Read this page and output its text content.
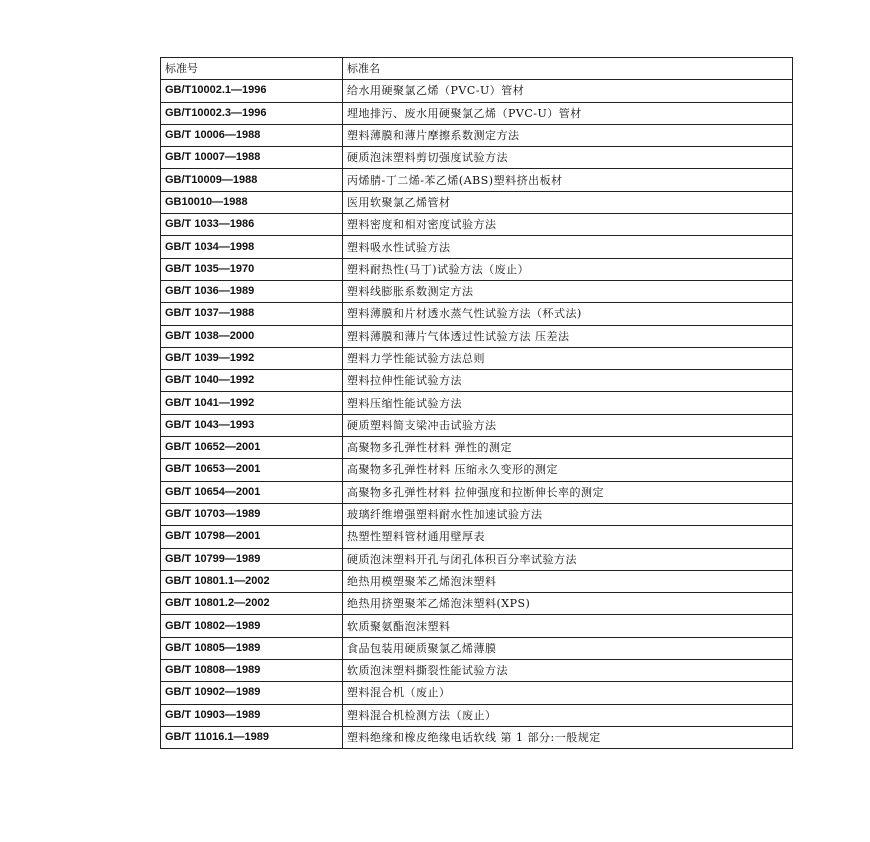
标准号	标准名
GB/T10002.1—1996	给水用硬聚氯乙烯（PVC-U）管材
GB/T10002.3—1996	埋地排污、废水用硬聚氯乙烯（PVC-U）管材
GB/T 10006—1988	塑料薄膜和薄片摩擦系数测定方法
GB/T 10007—1988	硬质泡沫塑料剪切强度试验方法
GB/T10009—1988	丙烯腈-丁二烯-苯乙烯(ABS)塑料挤出板材
GB10010—1988	医用软聚氯乙烯管材
GB/T 1033—1986	塑料密度和相对密度试验方法
GB/T 1034—1998	塑料吸水性试验方法
GB/T 1035—1970	塑料耐热性(马丁)试验方法（废止）
GB/T 1036—1989	塑料线膨胀系数测定方法
GB/T 1037—1988	塑料薄膜和片材透水蒸气性试验方法（杯式法)
GB/T 1038—2000	塑料薄膜和薄片气体透过性试验方法 压差法
GB/T 1039—1992	塑料力学性能试验方法总则
GB/T 1040—1992	塑料拉伸性能试验方法
GB/T 1041—1992	塑料压缩性能试验方法
GB/T 1043—1993	硬质塑料简支梁冲击试验方法
GB/T 10652—2001	高聚物多孔弹性材料 弹性的测定
GB/T 10653—2001	高聚物多孔弹性材料 压缩永久变形的测定
GB/T 10654—2001	高聚物多孔弹性材料 拉伸强度和拉断伸长率的测定
GB/T 10703—1989	玻璃纤维增强塑料耐水性加速试验方法
GB/T 10798—2001	热塑性塑料管材通用壁厚表
GB/T 10799—1989	硬质泡沫塑料开孔与闭孔体积百分率试验方法
GB/T 10801.1—2002	绝热用模塑聚苯乙烯泡沫塑料
GB/T 10801.2—2002	绝热用挤塑聚苯乙烯泡沫塑料(XPS)
GB/T 10802—1989	软质聚氨酯泡沫塑料
GB/T 10805—1989	食品包装用硬质聚氯乙烯薄膜
GB/T 10808—1989	软质泡沫塑料撕裂性能试验方法
GB/T 10902—1989	塑料混合机（废止）
GB/T 10903—1989	塑料混合机检测方法（废止）
GB/T 11016.1—1989	塑料绝缘和橡皮绝缘电话软线 第 1 部分:一般规定
